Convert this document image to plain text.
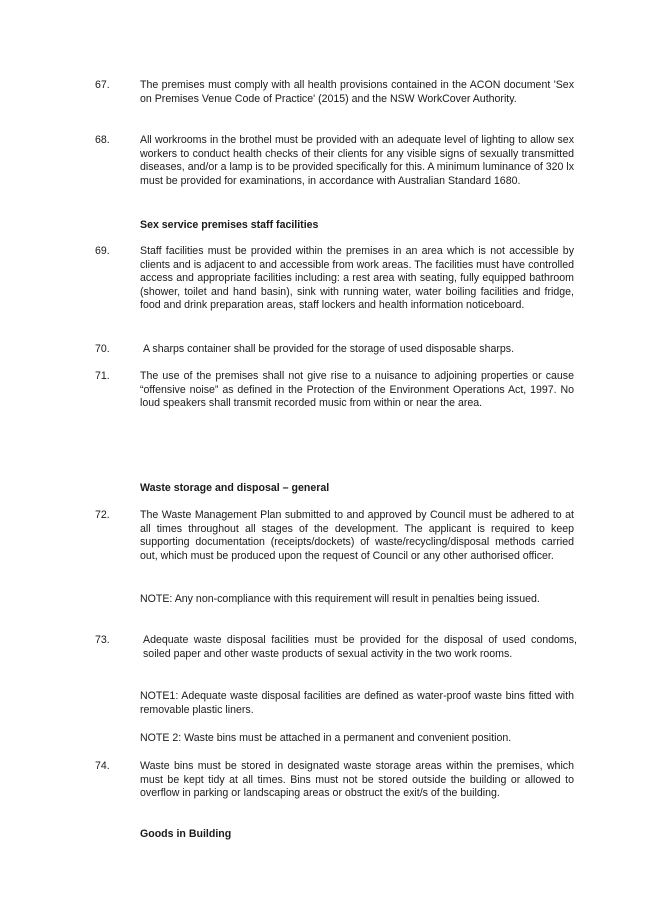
67.	The premises must comply with all health provisions contained in the ACON document 'Sex on Premises Venue Code of Practice' (2015) and the NSW WorkCover Authority.
68.	All workrooms in the brothel must be provided with an adequate level of lighting to allow sex workers to conduct health checks of their clients for any visible signs of sexually transmitted diseases, and/or a lamp is to be provided specifically for this. A minimum luminance of 320 lx must be provided for examinations, in accordance with Australian Standard 1680.
Sex service premises staff facilities
69.	Staff facilities must be provided within the premises in an area which is not accessible by clients and is adjacent to and accessible from work areas. The facilities must have controlled access and appropriate facilities including: a rest area with seating, fully equipped bathroom (shower, toilet and hand basin), sink with running water, water boiling facilities and fridge, food and drink preparation areas, staff lockers and health information noticeboard.
70.	A sharps container shall be provided for the storage of used disposable sharps.
71.	The use of the premises shall not give rise to a nuisance to adjoining properties or cause “offensive noise” as defined in the Protection of the Environment Operations Act, 1997. No loud speakers shall transmit recorded music from within or near the area.
Waste storage and disposal – general
72.	The Waste Management Plan submitted to and approved by Council must be adhered to at all times throughout all stages of the development. The applicant is required to keep supporting documentation (receipts/dockets) of waste/recycling/disposal methods carried out, which must be produced upon the request of Council or any other authorised officer.
NOTE: Any non-compliance with this requirement will result in penalties being issued.
73.	Adequate waste disposal facilities must be provided for the disposal of used condoms, soiled paper and other waste products of sexual activity in the two work rooms.
NOTE1: Adequate waste disposal facilities are defined as water-proof waste bins fitted with removable plastic liners.
NOTE 2: Waste bins must be attached in a permanent and convenient position.
74.	Waste bins must be stored in designated waste storage areas within the premises, which must be kept tidy at all times. Bins must not be stored outside the building or allowed to overflow in parking or landscaping areas or obstruct the exit/s of the building.
Goods in Building
